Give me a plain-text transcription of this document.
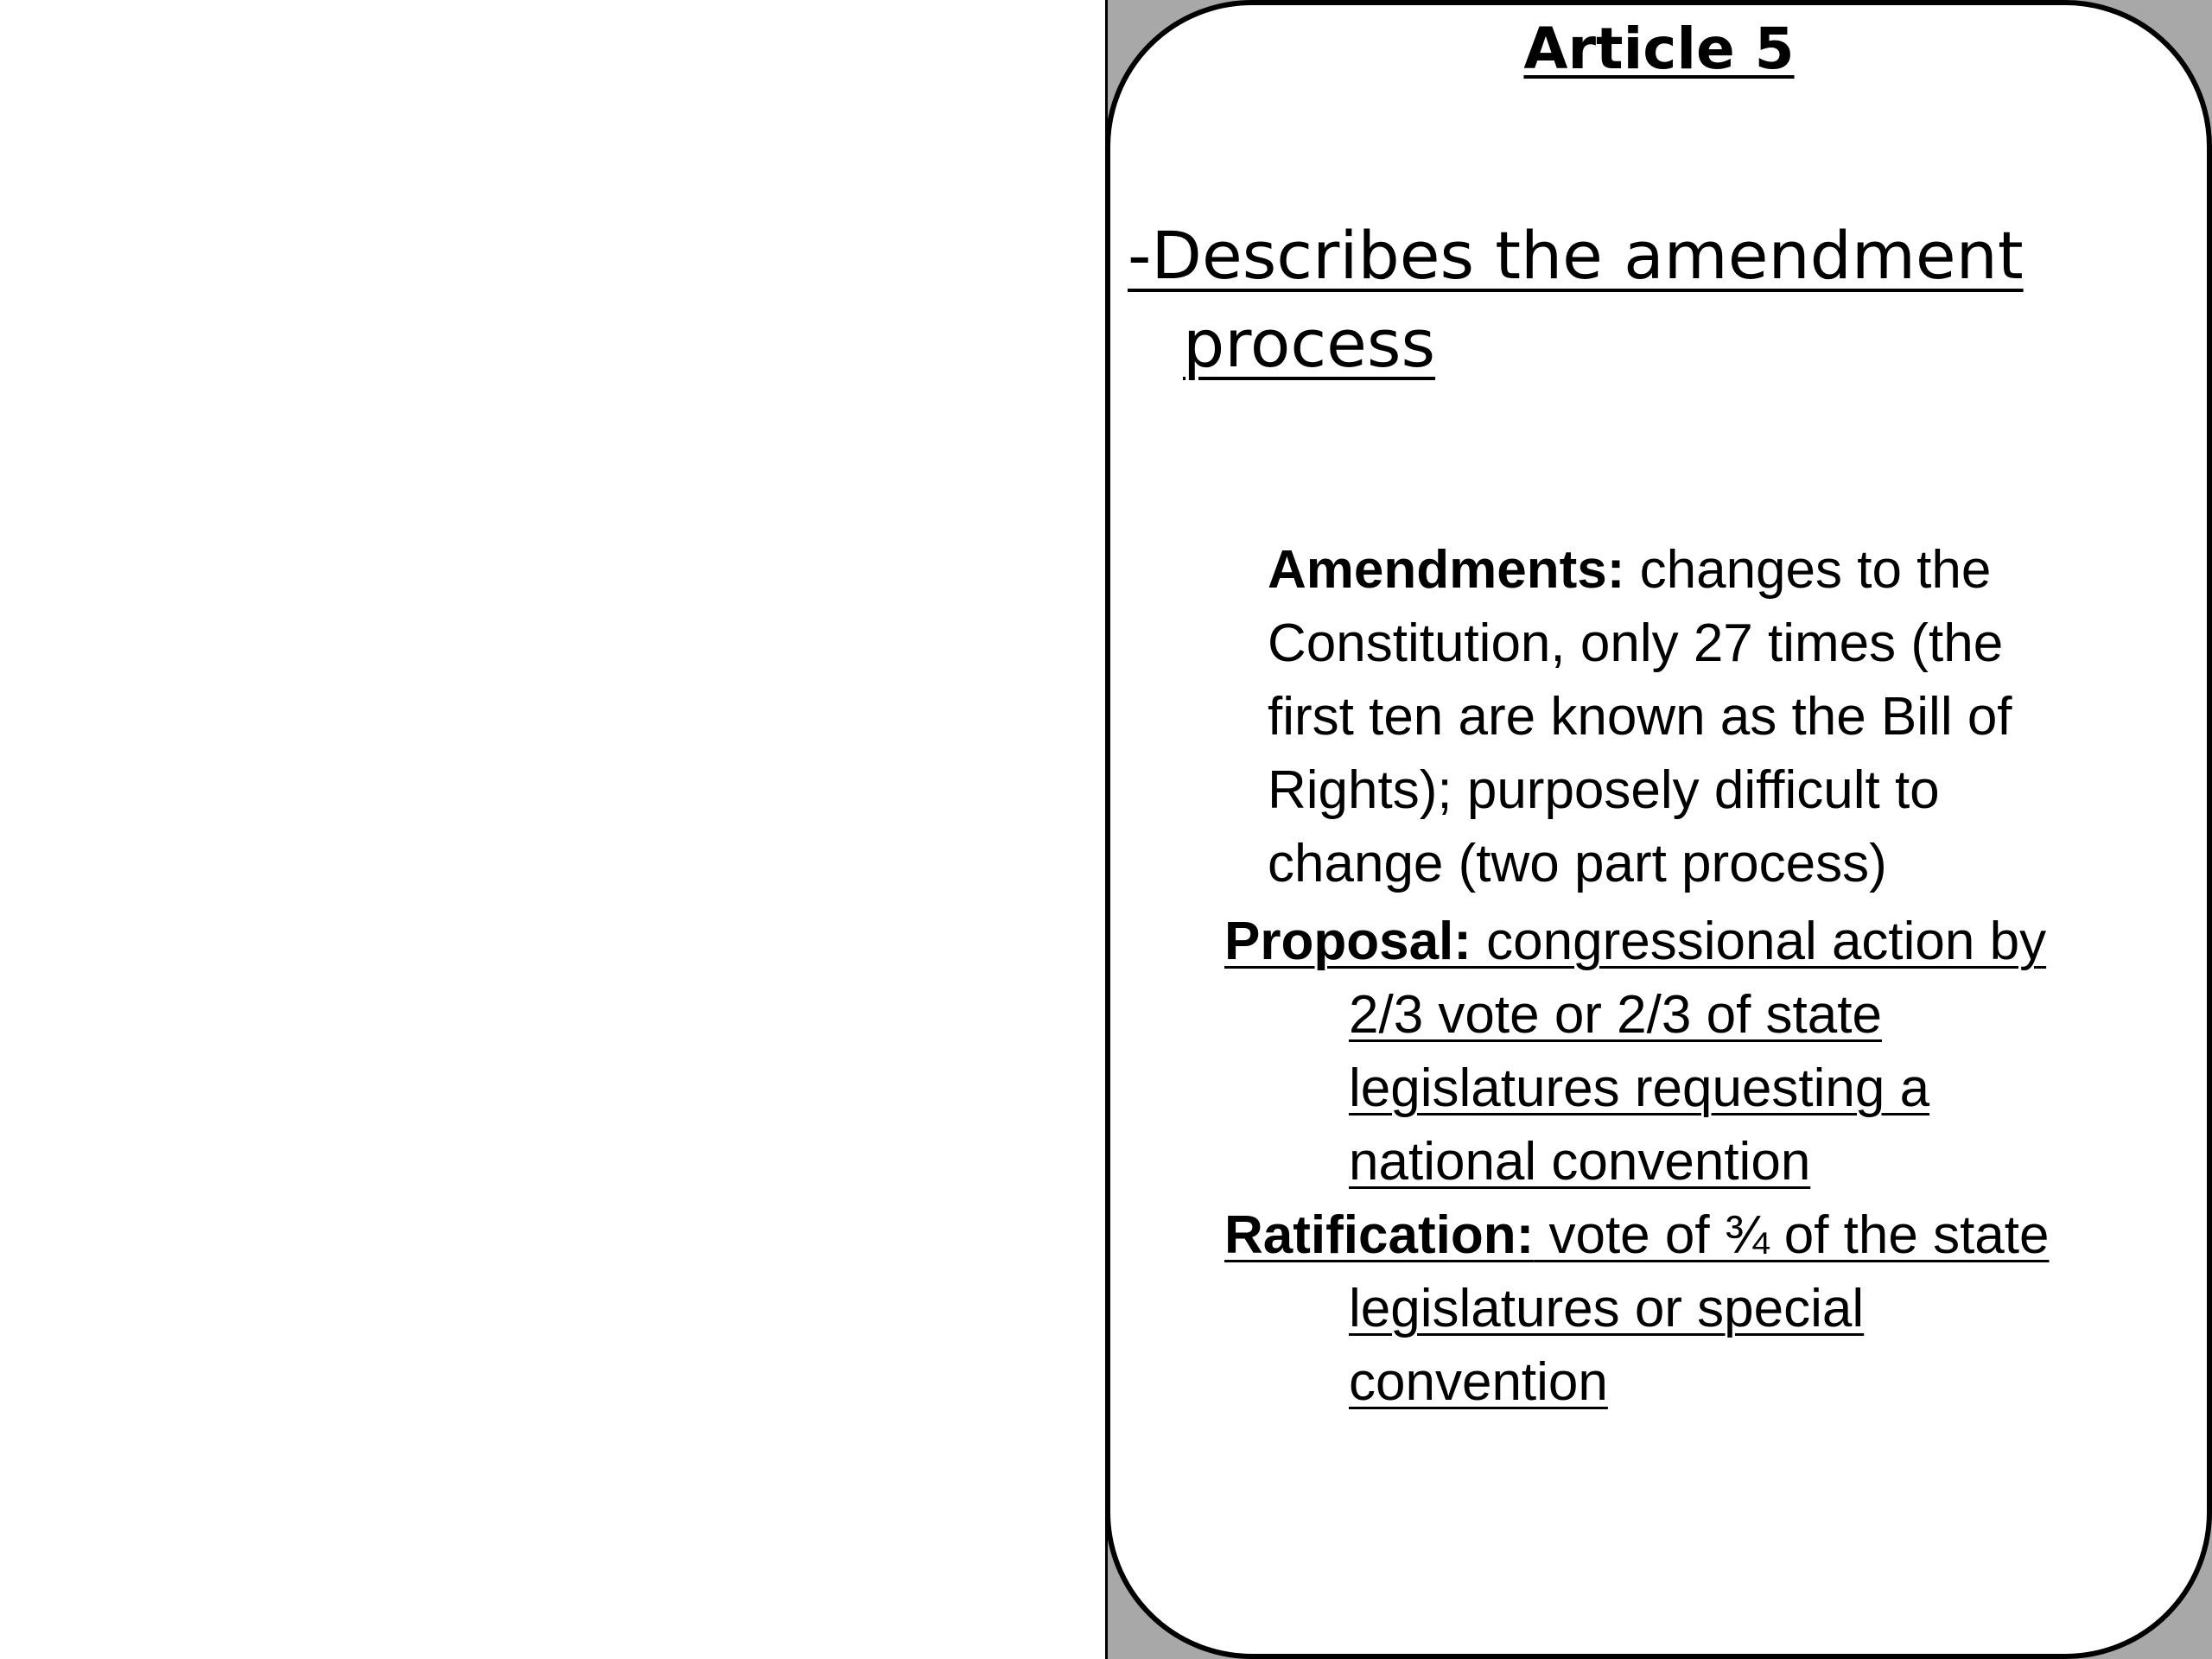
Article 5
-Describes the amendment
process
Amendments: changes to the
Constitution, only 27 times (the
first ten are known as the Bill of
Rights); purposely difficult to
change (two part process)
Proposal: congressional action by
2/3 vote or 2/3 of state
legislatures requesting a
national convention
Ratification: vote of ¾ of the state
legislatures or special
convention
